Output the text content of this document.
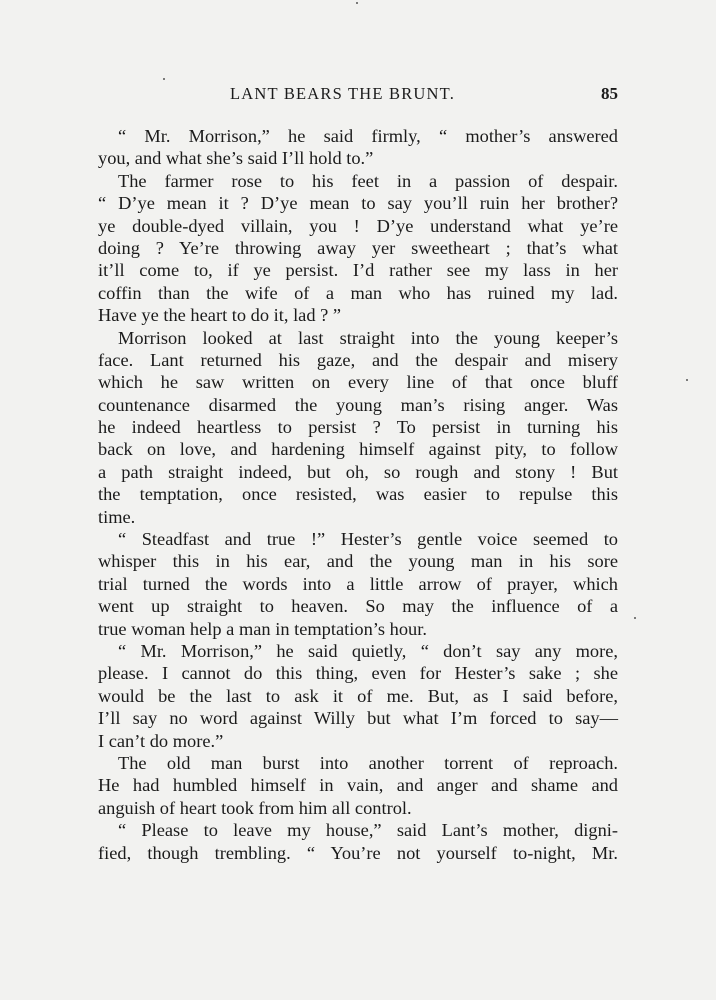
LANT BEARS THE BRUNT.	85
“ Mr. Morrison,” he said firmly, “ mother’s answered
you, and what she’s said I’ll hold to.”
The farmer rose to his feet in a passion of despair.
“ D’ye mean it ? D’ye mean to say you’ll ruin her brother?
ye double-dyed villain, you ! D’ye understand what ye’re
doing ? Ye’re throwing away yer sweetheart ; that’s what
it’ll come to, if ye persist. I’d rather see my lass in her
coffin than the wife of a man who has ruined my lad.
Have ye the heart to do it, lad ? ”
Morrison looked at last straight into the young keeper’s
face. Lant returned his gaze, and the despair and misery
which he saw written on every line of that once bluff
countenance disarmed the young man’s rising anger. Was
he indeed heartless to persist ? To persist in turning his
back on love, and hardening himself against pity, to follow
a path straight indeed, but oh, so rough and stony ! But
the temptation, once resisted, was easier to repulse this
time.
“ Steadfast and true !” Hester’s gentle voice seemed to
whisper this in his ear, and the young man in his sore
trial turned the words into a little arrow of prayer, which
went up straight to heaven. So may the influence of a
true woman help a man in temptation’s hour.
“ Mr. Morrison,” he said quietly, “ don’t say any more,
please. I cannot do this thing, even for Hester’s sake ; she
would be the last to ask it of me. But, as I said before,
I’ll say no word against Willy but what I’m forced to say—
I can’t do more.”
The old man burst into another torrent of reproach.
He had humbled himself in vain, and anger and shame and
anguish of heart took from him all control.
“ Please to leave my house,” said Lant’s mother, digni-
fied, though trembling. “ You’re not yourself to-night, Mr.
